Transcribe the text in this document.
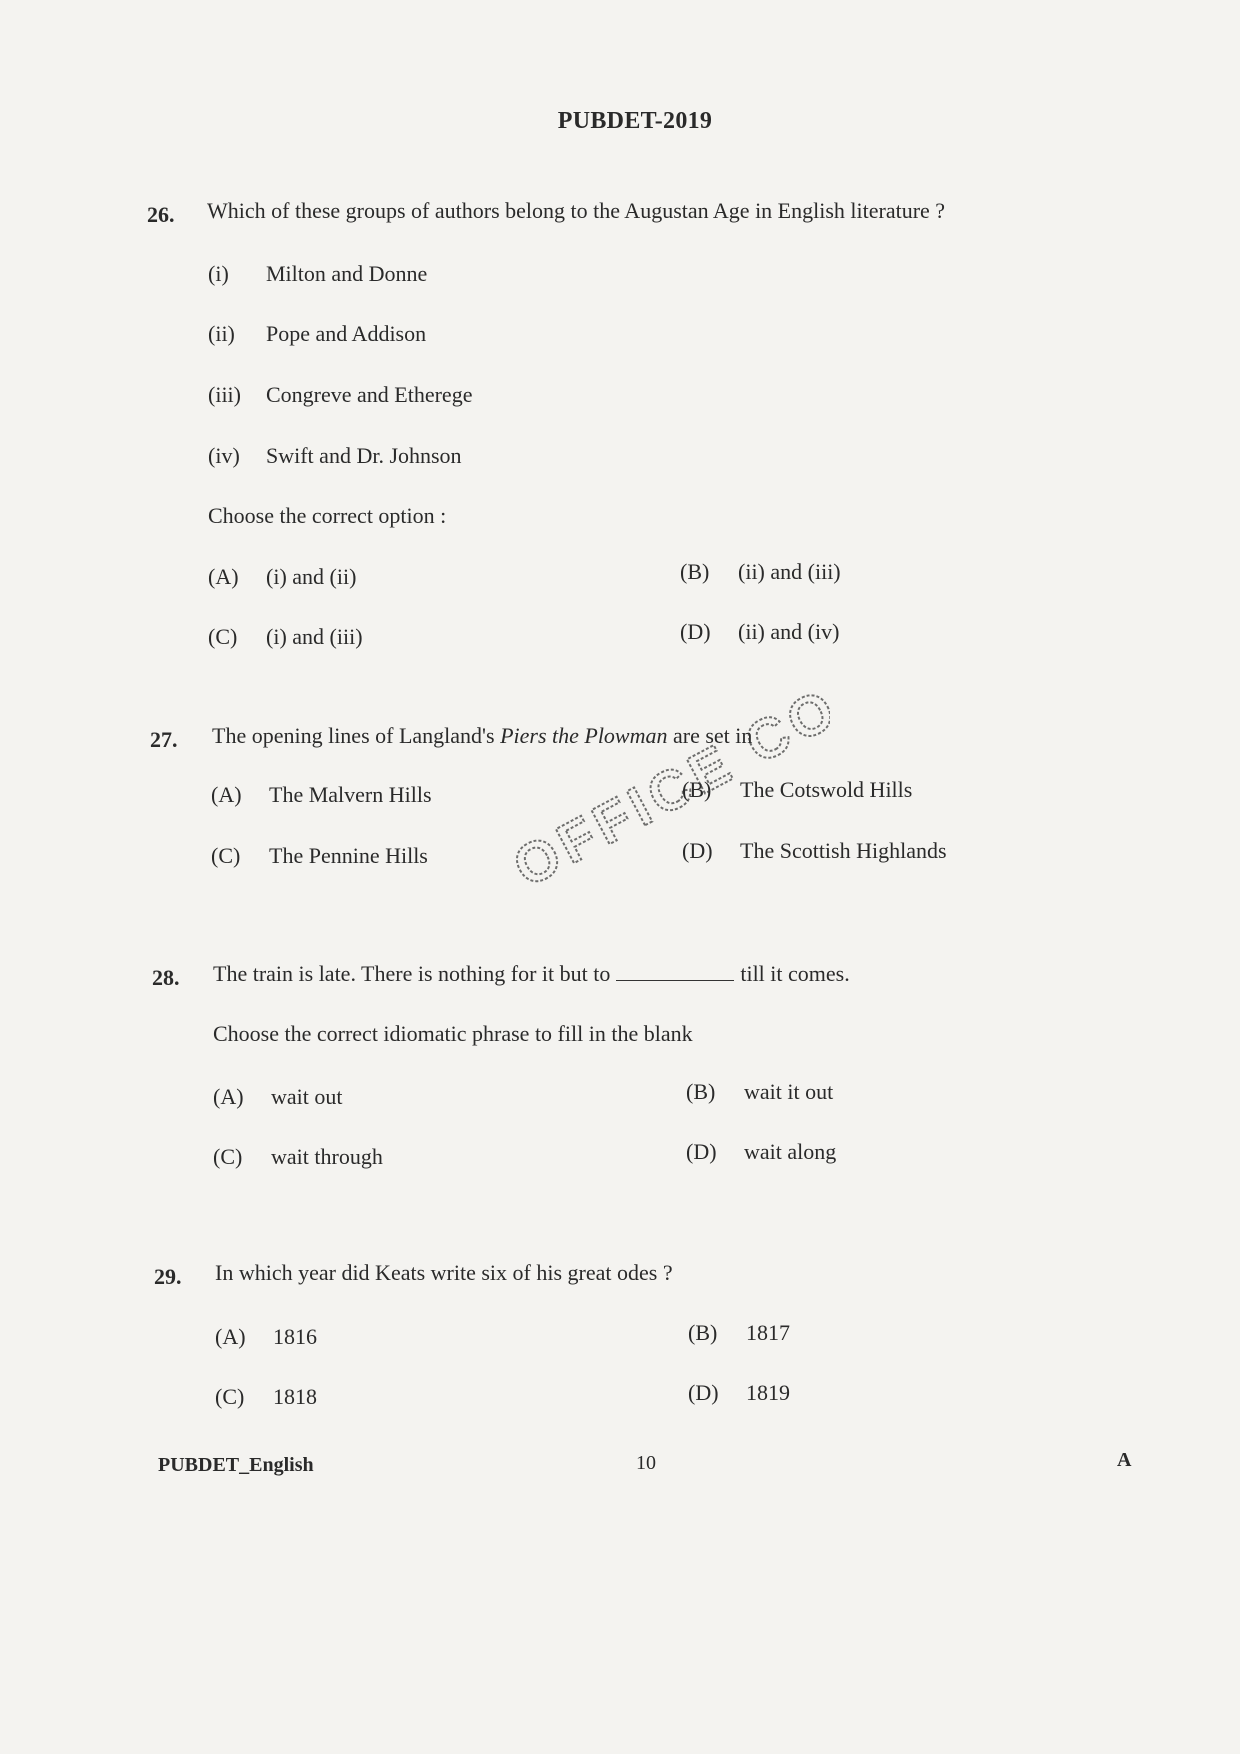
PUBDET-2019
26. Which of these groups of authors belong to the Augustan Age in English literature ?
(i) Milton and Donne
(ii) Pope and Addison
(iii) Congreve and Etherege
(iv) Swift and Dr. Johnson
Choose the correct option :
(A) (i) and (ii)	(B) (ii) and (iii)
(C) (i) and (iii)	(D) (ii) and (iv)
27. The opening lines of Langland's Piers the Plowman are set in
(A) The Malvern Hills	(B) The Cotswold Hills
(C) The Pennine Hills	(D) The Scottish Highlands
OFFICE COPY
28. The train is late. There is nothing for it but to	till it comes.
Choose the correct idiomatic phrase to fill in the blank
(A) wait out	(B) wait it out
(C) wait through	(D) wait along
29. In which year did Keats write six of his great odes ?
(A) 1816	(B) 1817
(C) 1818	(D) 1819
PUBDET_English	10	A
